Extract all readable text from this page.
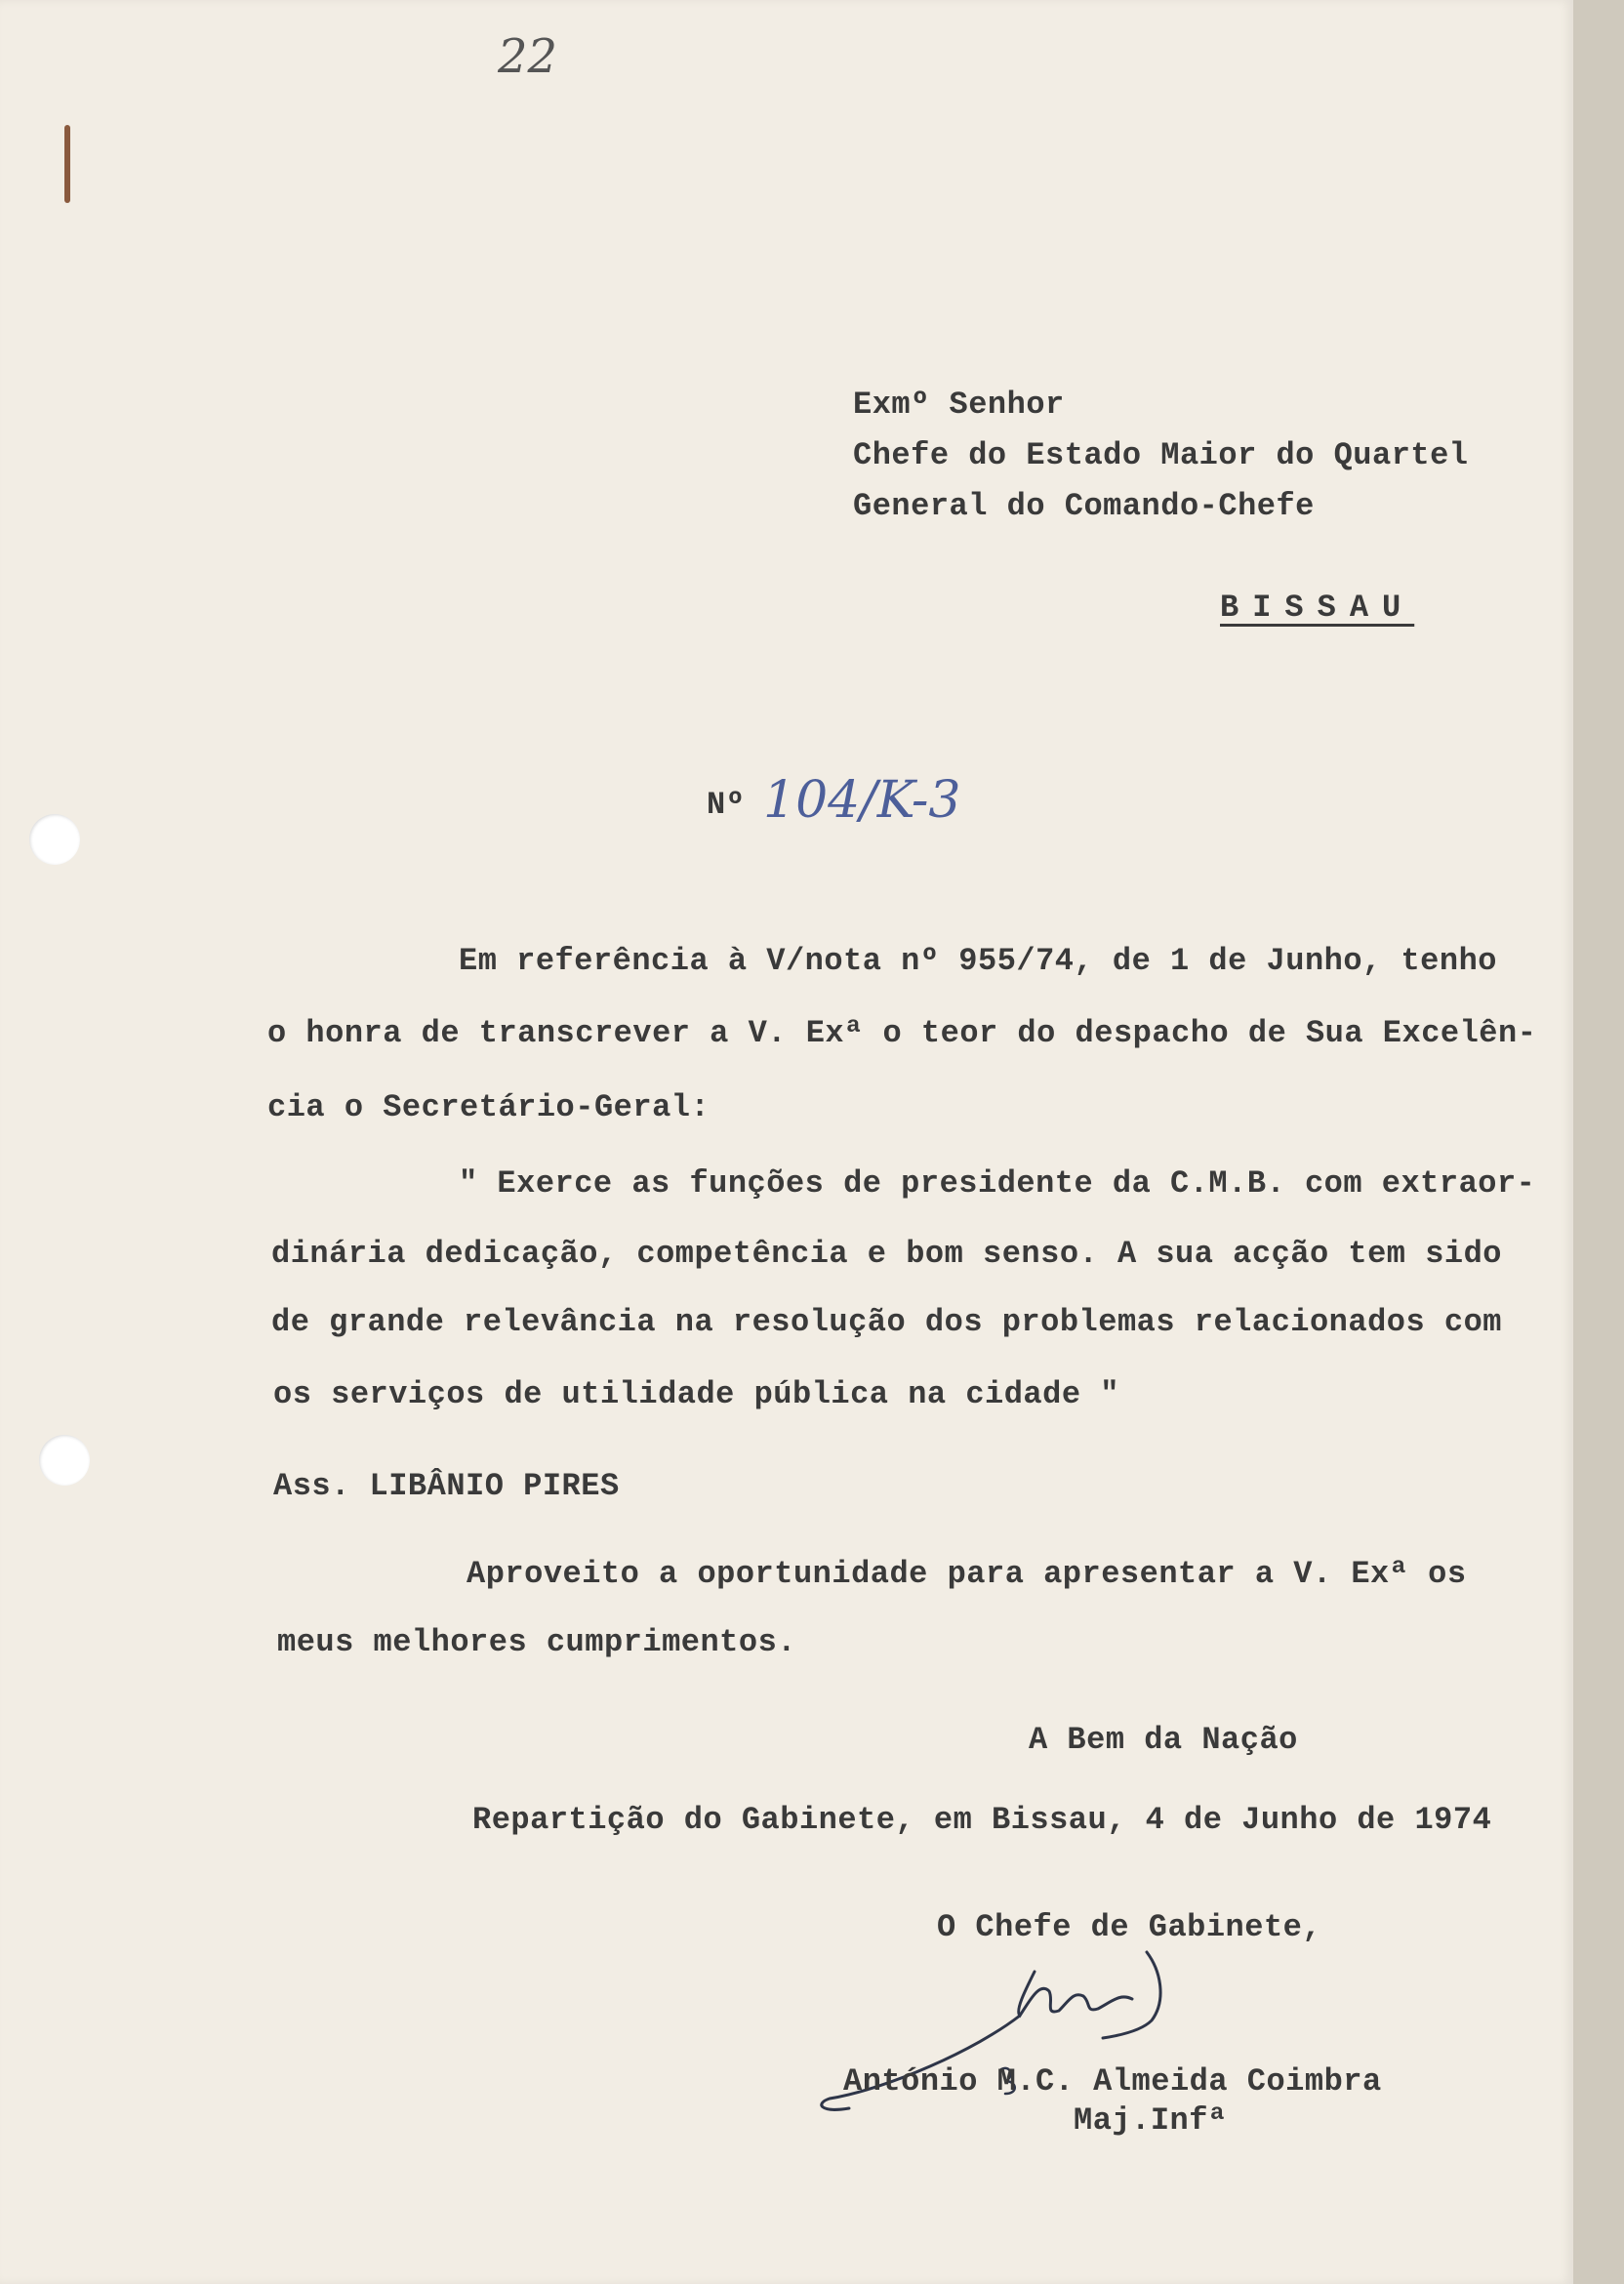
22

Exmº Senhor

Chefe do Estado Maior do Quartel

General do Comando-Chefe

BISSAU

Nº 104/K-3

Em referência à V/nota nº 955/74, de 1 de Junho, tenho

o honra de transcrever a V. Exª o teor do despacho de Sua Excelên-

cia o Secretário-Geral:

" Exerce as funções de presidente da C.M.B. com extraor-

dinária dedicação, competência e bom senso. A sua acção tem sido

de grande relevância na resolução dos problemas relacionados com

os serviços de utilidade pública na cidade "

Ass. LIBÂNIO PIRES

Aproveito a oportunidade para apresentar a V. Exª os

meus melhores cumprimentos.

A Bem da Nação

Repartição do Gabinete, em Bissau, 4 de Junho de 1974

O Chefe de Gabinete,

António M.C. Almeida Coimbra

Maj.Infª
